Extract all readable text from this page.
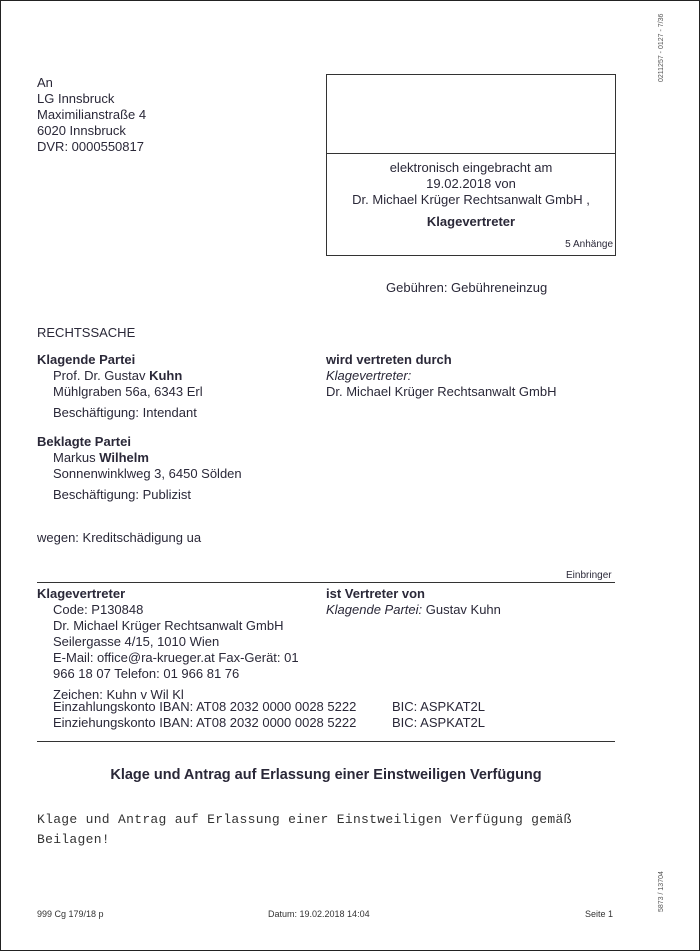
0211257 - 0127 - 7/36
5873 / 13704
An
LG Innsbruck
Maximilianstraße 4
6020 Innsbruck
DVR: 0000550817
elektronisch eingebracht am
19.02.2018 von
Dr. Michael Krüger Rechtsanwalt GmbH ,
Klagevertreter
5 Anhänge
Gebühren: Gebühreneinzug
RECHTSSACHE
Klagende Partei
Prof. Dr. Gustav Kuhn
Mühlgraben 56a, 6343 Erl
Beschäftigung: Intendant
wird vertreten durch
Klagevertreter:
Dr. Michael Krüger Rechtsanwalt GmbH
Beklagte Partei
Markus Wilhelm
Sonnenwinklweg 3, 6450 Sölden
Beschäftigung: Publizist
wegen: Kreditschädigung ua
Einbringer
Klagevertreter
Code: P130848
Dr. Michael Krüger Rechtsanwalt GmbH
Seilergasse 4/15, 1010 Wien
E-Mail: office@ra-krueger.at Fax-Gerät: 01
966 18 07 Telefon: 01 966 81 76
Zeichen: Kuhn v Wil Kl
Einzahlungskonto IBAN: AT08 2032 0000 0028 5222	BIC: ASPKAT2L
Einziehungskonto IBAN: AT08 2032 0000 0028 5222	BIC: ASPKAT2L
ist Vertreter von
Klagende Partei: Gustav Kuhn
Klage und Antrag auf Erlassung einer Einstweiligen Verfügung
Klage und Antrag auf Erlassung einer Einstweiligen Verfügung gemäß
Beilagen!
999 Cg 179/18 p	Datum: 19.02.2018 14:04	Seite 1
